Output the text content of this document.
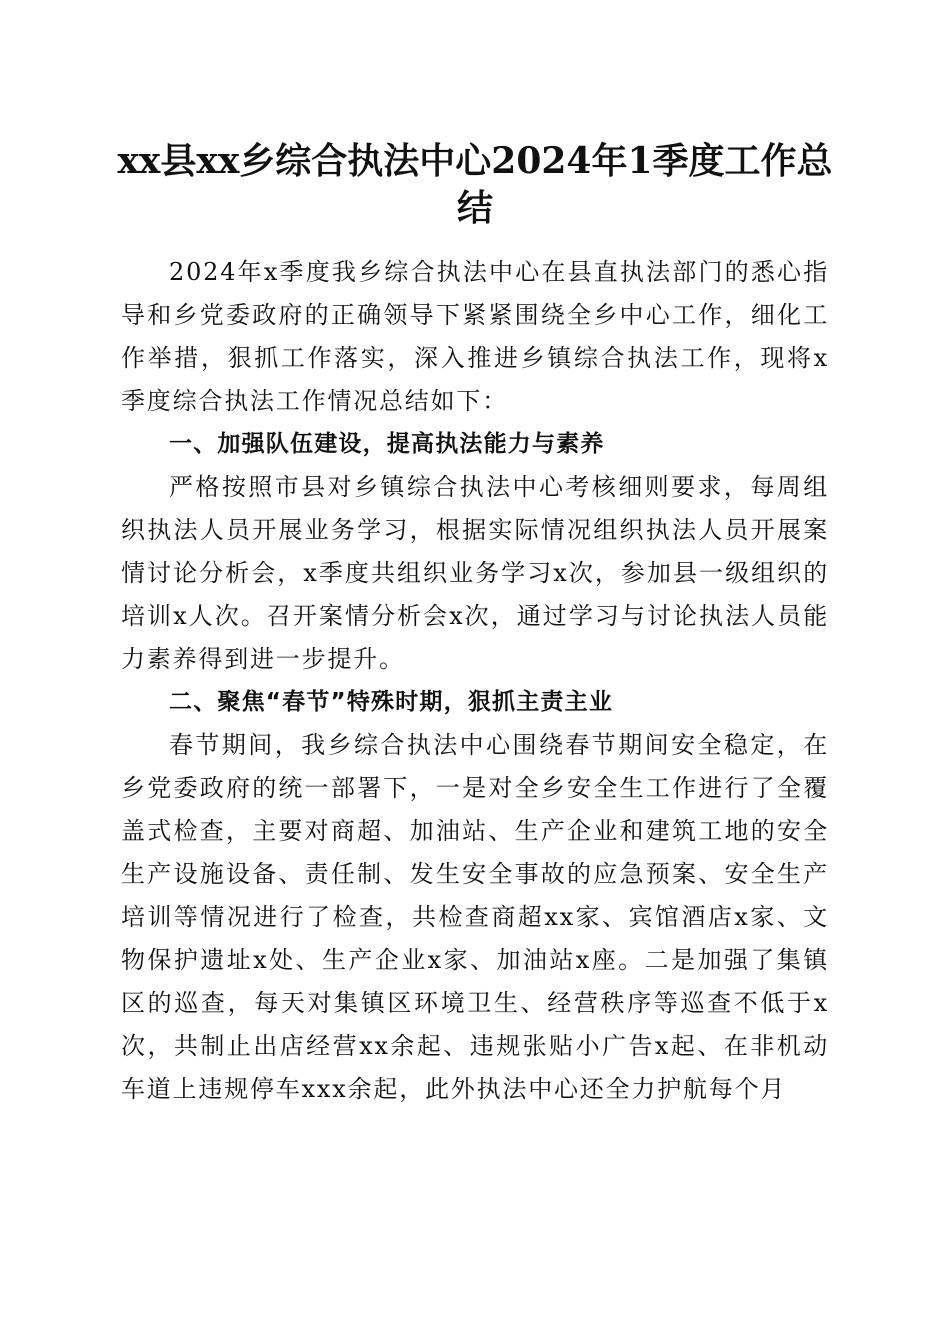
xx县xx乡综合执法中心2024年1季度工作总结

2024年x季度我乡综合执法中心在县直执法部门的悉心指导和乡党委政府的正确领导下紧紧围绕全乡中心工作，细化工作举措，狠抓工作落实，深入推进乡镇综合执法工作，现将x季度综合执法工作情况总结如下：

一、加强队伍建设，提高执法能力与素养

严格按照市县对乡镇综合执法中心考核细则要求，每周组织执法人员开展业务学习，根据实际情况组织执法人员开展案情讨论分析会，x季度共组织业务学习x次，参加县一级组织的培训x人次。召开案情分析会x次，通过学习与讨论执法人员能力素养得到进一步提升。

二、聚焦“春节”特殊时期，狠抓主责主业

春节期间，我乡综合执法中心围绕春节期间安全稳定，在乡党委政府的统一部署下，一是对全乡安全生工作进行了全覆盖式检查，主要对商超、加油站、生产企业和建筑工地的安全生产设施设备、责任制、发生安全事故的应急预案、安全生产培训等情况进行了检查，共检查商超xx家、宾馆酒店x家、文物保护遗址x处、生产企业x家、加油站x座。二是加强了集镇区的巡查，每天对集镇区环境卫生、经营秩序等巡查不低于x次，共制止出店经营xx余起、违规张贴小广告x起、在非机动车道上违规停车xxx余起，此外执法中心还全力护航每个月
